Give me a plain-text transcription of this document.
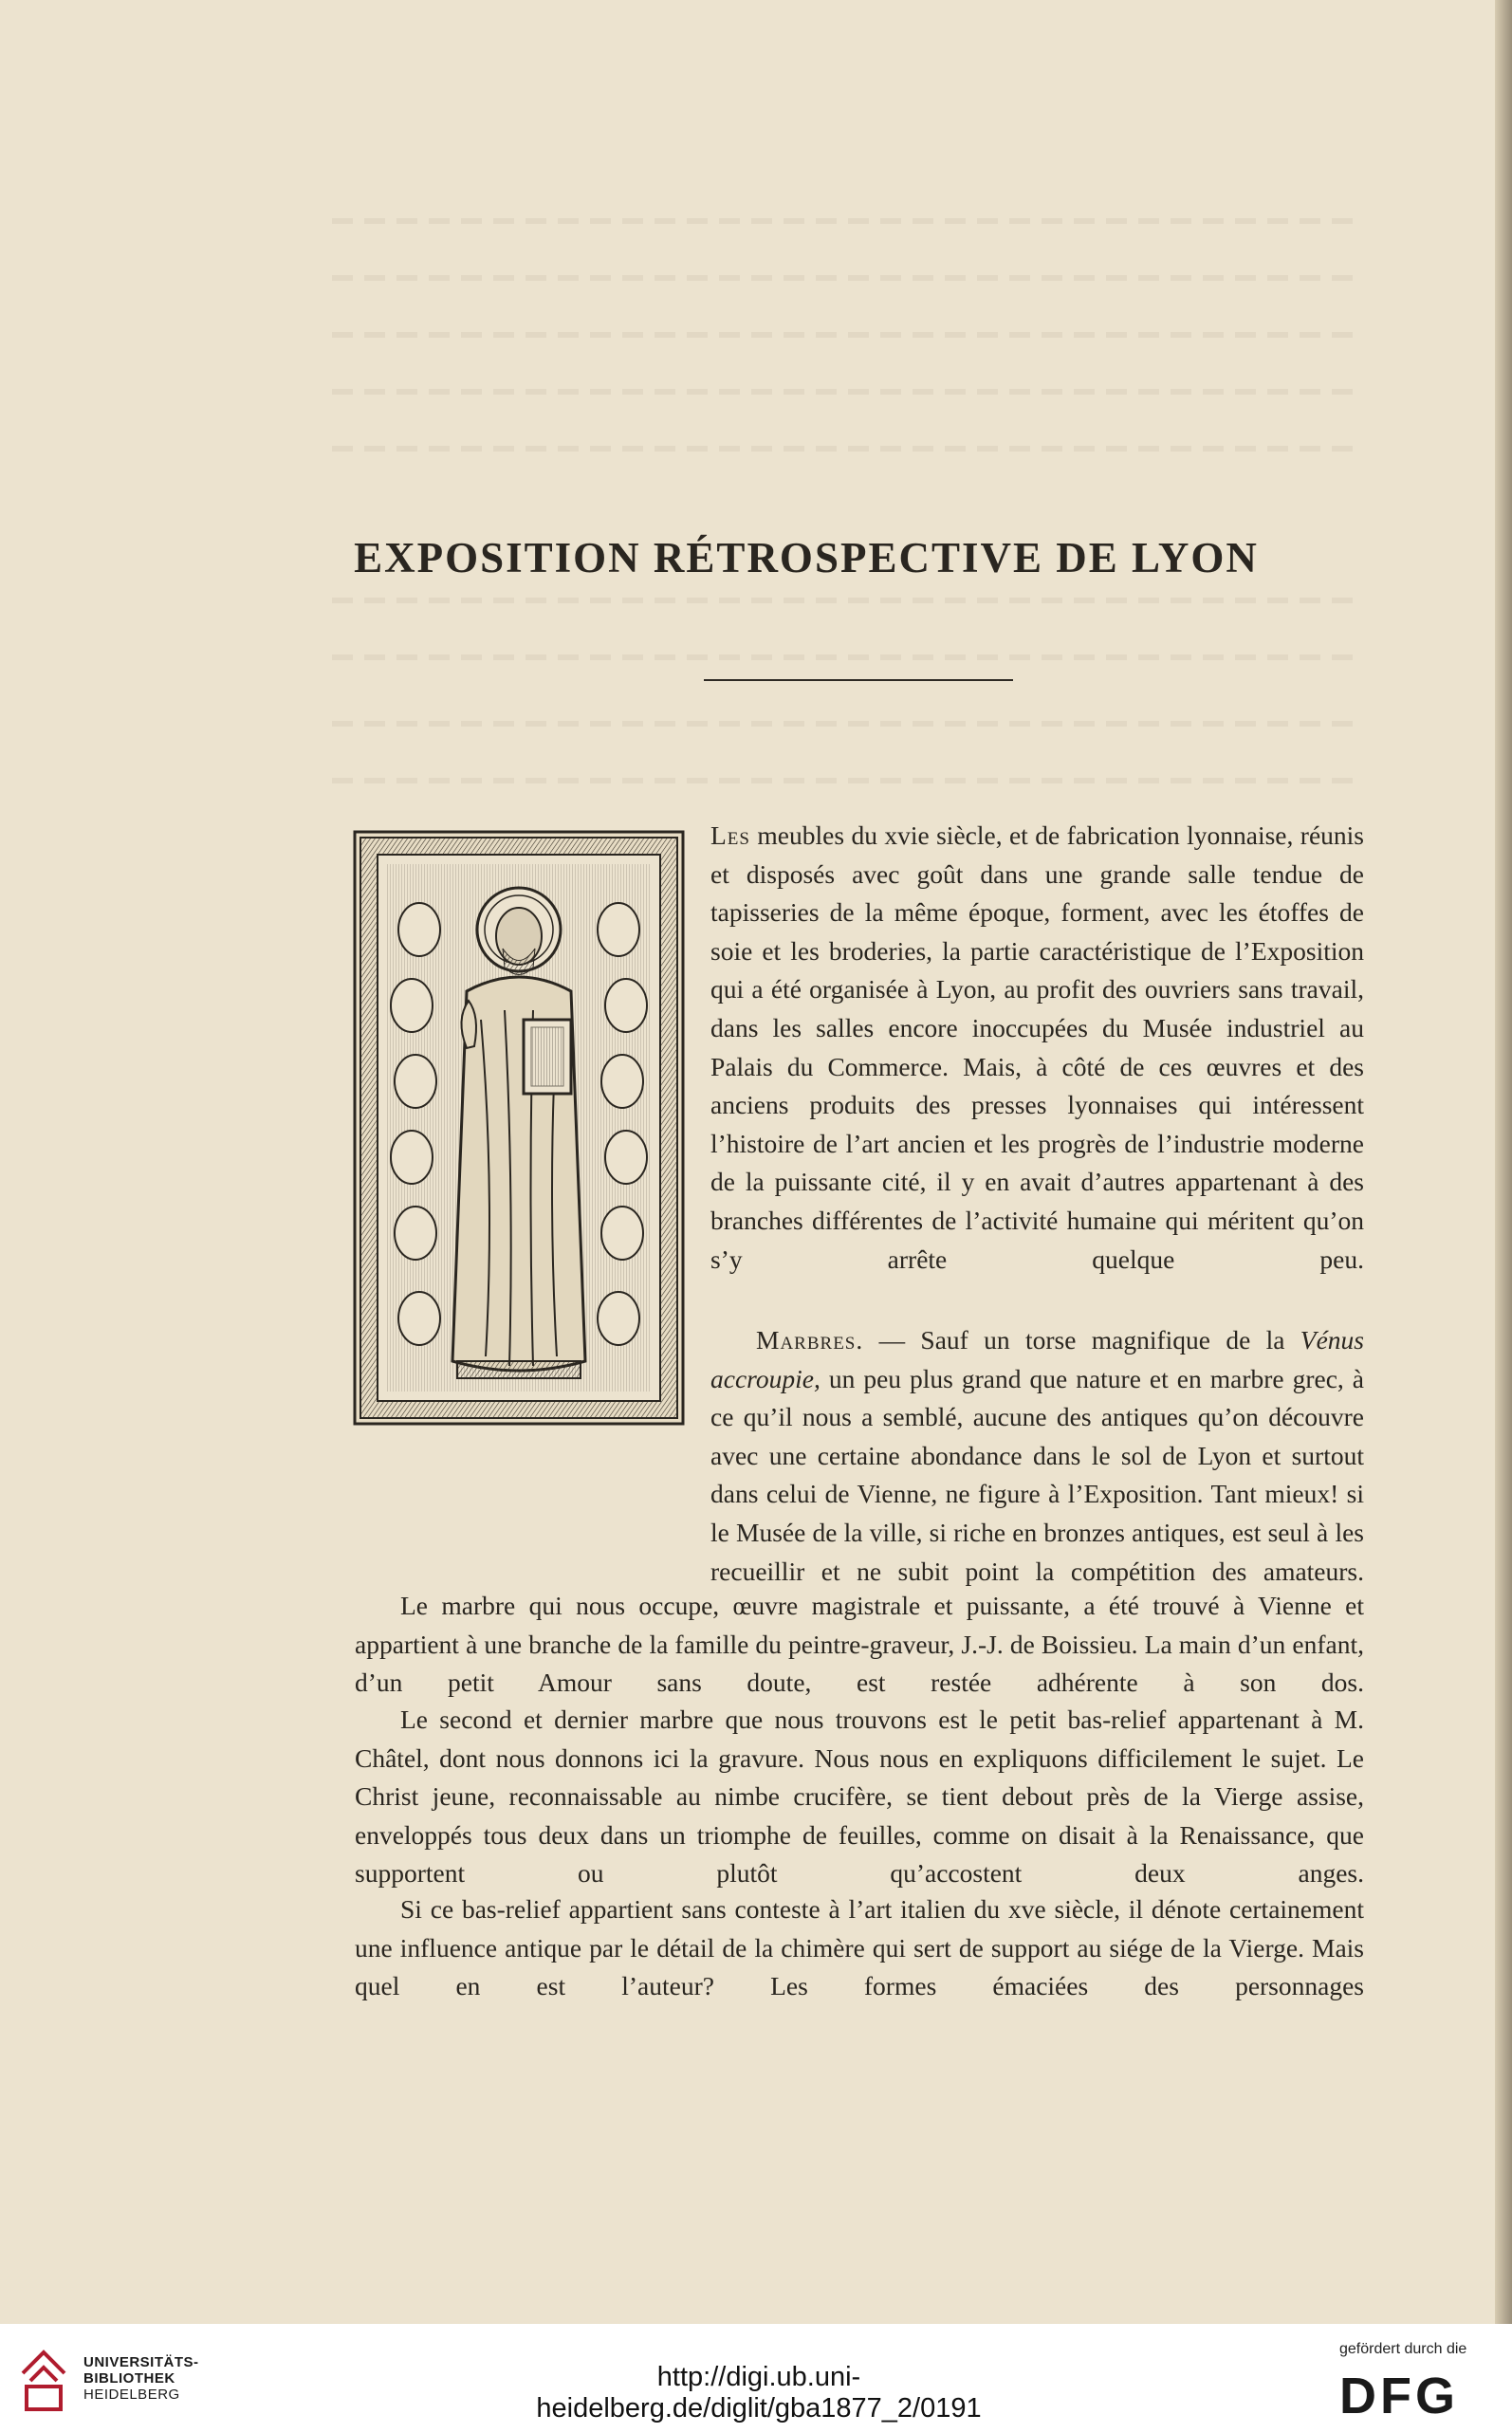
EXPOSITION RÉTROSPECTIVE DE LYON

Les meubles du xvie siècle, et de fabrication lyonnaise, réunis et disposés avec goût dans une grande salle tendue de tapisseries de la même époque, forment, avec les étoffes de soie et les broderies, la partie caractéristique de l’Exposition qui a été organisée à Lyon, au profit des ouvriers sans travail, dans les salles encore inoccupées du Musée industriel au Palais du Commerce. Mais, à côté de ces œuvres et des anciens produits des presses lyonnaises qui intéressent l’histoire de l’art ancien et les progrès de l’industrie moderne de la puissante cité, il y en avait d’autres appartenant à des branches différentes de l’activité humaine qui méritent qu’on s’y arrête quelque peu.

Marbres. — Sauf un torse magnifique de la Vénus accroupie, un peu plus grand que nature et en marbre grec, à ce qu’il nous a semblé, aucune des antiques qu’on découvre avec une certaine abondance dans le sol de Lyon et surtout dans celui de Vienne, ne figure à l’Exposition. Tant mieux! si le Musée de la ville, si riche en bronzes antiques, est seul à les recueillir et ne subit point la compétition des amateurs.

Le marbre qui nous occupe, œuvre magistrale et puissante, a été trouvé à Vienne et appartient à une branche de la famille du peintre-graveur, J.-J. de Boissieu. La main d’un enfant, d’un petit Amour sans doute, est restée adhérente à son dos.

Le second et dernier marbre que nous trouvons est le petit bas-relief appartenant à M. Châtel, dont nous donnons ici la gravure. Nous nous en expliquons difficilement le sujet. Le Christ jeune, reconnaissable au nimbe crucifère, se tient debout près de la Vierge assise, enveloppés tous deux dans un triomphe de feuilles, comme on disait à la Renaissance, que supportent ou plutôt qu’accostent deux anges.

Si ce bas-relief appartient sans conteste à l’art italien du xve siècle, il dénote certainement une influence antique par le détail de la chimère qui sert de support au siége de la Vierge. Mais quel en est l’auteur? Les formes émaciées des personnages

UNIVERSITÄTS-
BIBLIOTHEK
HEIDELBERG
http://digi.ub.uni-heidelberg.de/diglit/gba1877_2/0191
gefördert durch die
DFG
